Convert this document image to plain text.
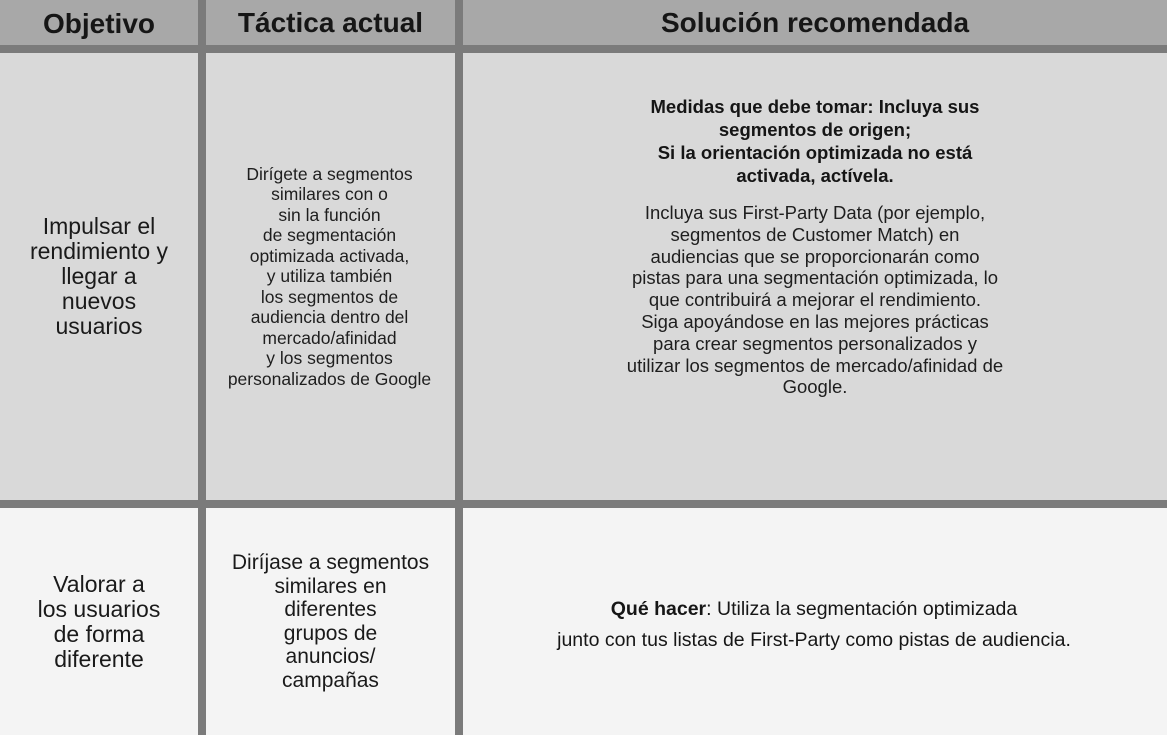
Objetivo	Táctica actual	Solución recomendada
Impulsar el
rendimiento y
llegar a
nuevos
usuarios
Dirígete a segmentos
similares con o
sin la función
de segmentación
optimizada activada,
y utiliza también
los segmentos de
audiencia dentro del
mercado/afinidad
y los segmentos
personalizados de Google
Medidas que debe tomar: Incluya sus
segmentos de origen;
Si la orientación optimizada no está
activada, actívela.
Incluya sus First-Party Data (por ejemplo,
segmentos de Customer Match) en
audiencias que se proporcionarán como
pistas para una segmentación optimizada, lo
que contribuirá a mejorar el rendimiento.
Siga apoyándose en las mejores prácticas
para crear segmentos personalizados y
utilizar los segmentos de mercado/afinidad de
Google.
Valorar a
los usuarios
de forma
diferente
Diríjase a segmentos
similares en
diferentes
grupos de
anuncios/
campañas
Qué hacer: Utiliza la segmentación optimizada
junto con tus listas de First-Party como pistas de audiencia.
